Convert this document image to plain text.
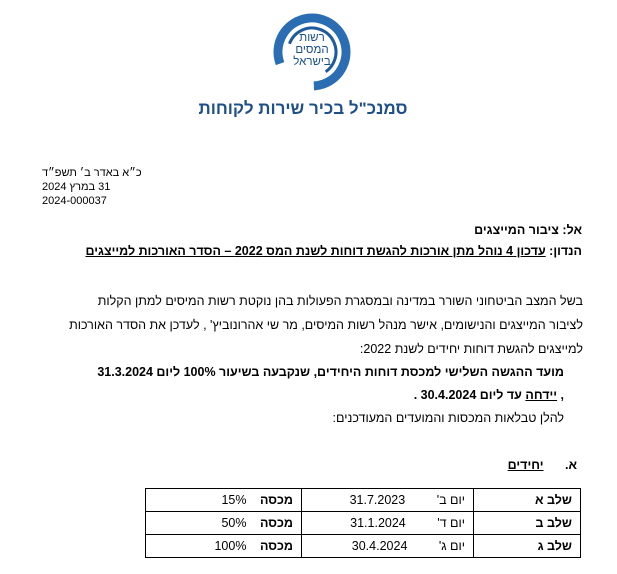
רשות
המסים
בישראל
סמנכ"ל בכיר שירות לקוחות
כ״א באדר ב׳ תשפ״ד
31 במרץ 2024
2024-000037
אל: ציבור המייצגים
הנדון: עדכון 4 נוהל מתן אורכות להגשת דוחות לשנת המס 2022 – הסדר האורכות למייצגים
בשל המצב הביטחוני השורר במדינה ובמסגרת הפעולות בהן נוקטת רשות המיסים למתן הקלות
לציבור המייצגים והנישומים, אישר מנהל רשות המיסים, מר שי אהרונוביץ' , לעדכן את הסדר האורכות
למייצגים להגשת דוחות יחידים לשנת 2022:
מועד ההגשה השלישי למכסת דוחות היחידים, שנקבעה בשיעור 100% ליום 31.3.2024
, יידחה עד ליום 30.4.2024 .
להלן טבלאות המכסות והמועדים המעודכנים:
א. יחידים
שלב א	יום ב' 31.7.2023	מכסה 15%
שלב ב	יום ד' 31.1.2024	מכסה 50%
שלב ג	יום ג' 30.4.2024	מכסה 100%
